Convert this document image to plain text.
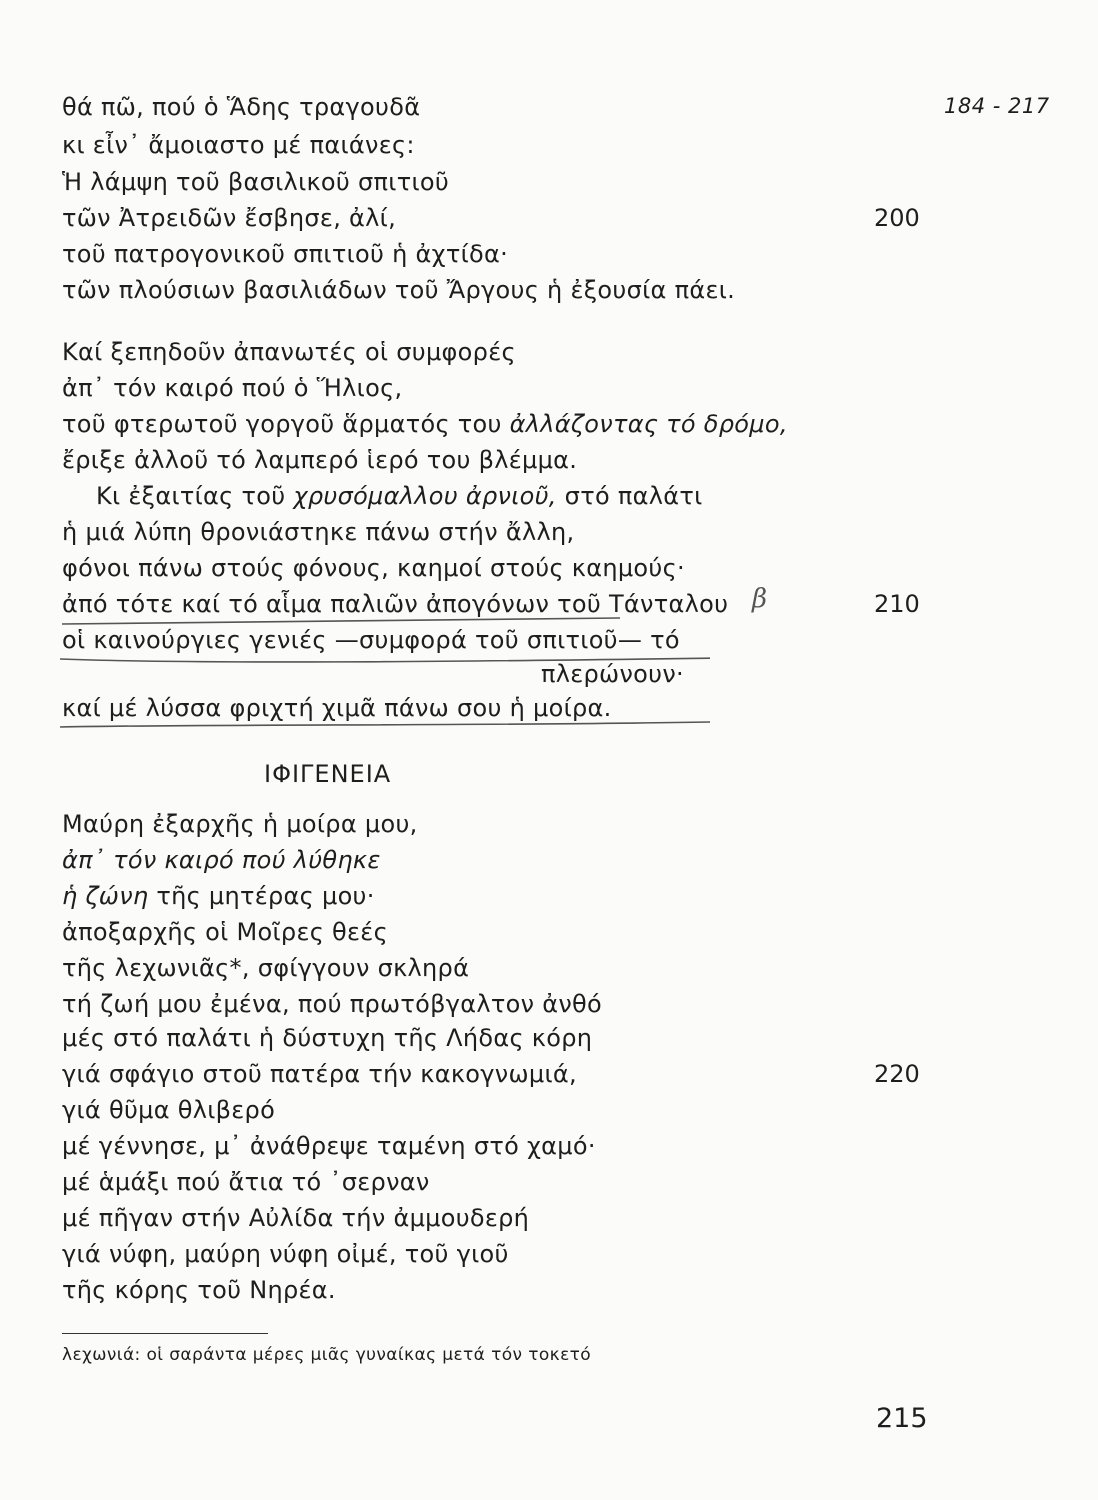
184 - 217
θά πῶ, πού ὁ Ἅδης τραγουδᾶ
κι εἶν᾽ ἄμοιαστο μέ παιάνες:
Ἡ λάμψη τοῦ βασιλικοῦ σπιτιοῦ
τῶν Ἀτρειδῶν ἔσβησε, ἀλί,
τοῦ πατρογονικοῦ σπιτιοῦ ἡ ἀχτίδα·
τῶν πλούσιων βασιλιάδων τοῦ Ἄργους ἡ ἐξουσία πάει.
Καί ξεπηδοῦν ἀπανωτές οἱ συμφορές
ἀπ᾽ τόν καιρό πού ὁ Ἥλιος,
τοῦ φτερωτοῦ γοργοῦ ἅρματός του ἀλλάζοντας τό δρόμο,
ἔριξε ἀλλοῦ τό λαμπερό ἱερό του βλέμμα.
Κι ἐξαιτίας τοῦ χρυσόμαλλου ἀρνιοῦ, στό παλάτι
ἡ μιά λύπη θρονιάστηκε πάνω στήν ἄλλη,
φόνοι πάνω στούς φόνους, καημοί στούς καημούς·
ἀπό τότε καί τό αἷμα παλιῶν ἀπογόνων τοῦ Τάνταλου
οἱ καινούργιες γενιές —συμφορά τοῦ σπιτιοῦ— τό
πλερώνουν·
καί μέ λύσσα φριχτή χιμᾶ πάνω σου ἡ μοίρα.
ΙΦΙΓΕΝΕΙΑ
Μαύρη ἐξαρχῆς ἡ μοίρα μου,
ἀπ᾽ τόν καιρό πού λύθηκε
ἡ ζώνη τῆς μητέρας μου·
ἀποξαρχῆς οἱ Μοῖρες θεές
τῆς λεχωνιᾶς*, σφίγγουν σκληρά
τή ζωή μου ἐμένα, πού πρωτόβγαλτον ἀνθό
μές στό παλάτι ἡ δύστυχη τῆς Λήδας κόρη
γιά σφάγιο στοῦ πατέρα τήν κακογνωμιά,
γιά θῦμα θλιβερό
μέ γέννησε, μ᾽ ἀνάθρεψε ταμένη στό χαμό·
μέ ἁμάξι πού ἄτια τό ᾽σερναν
μέ πῆγαν στήν Αὐλίδα τήν ἀμμουδερή
γιά νύφη, μαύρη νύφη οἰμέ, τοῦ γιοῦ
τῆς κόρης τοῦ Νηρέα.
200
210
220
β
λεχωνιά: οἱ σαράντα μέρες μιᾶς γυναίκας μετά τόν τοκετό
215
